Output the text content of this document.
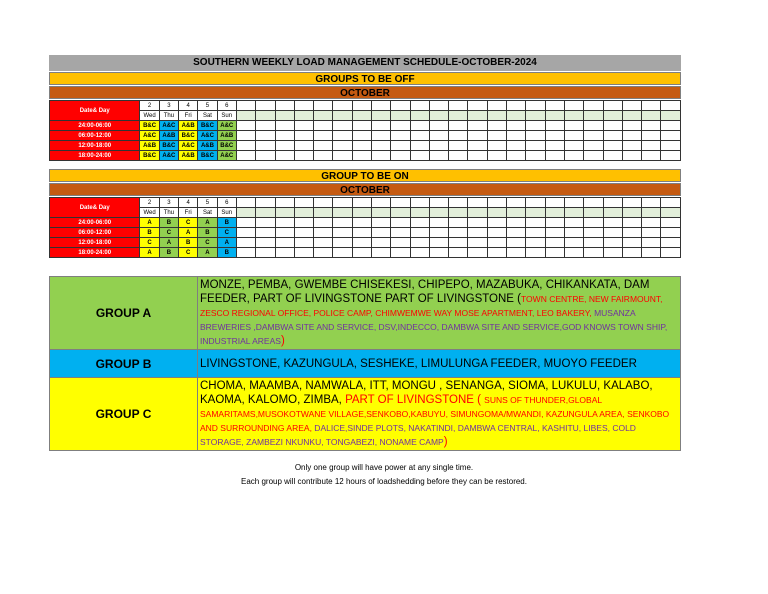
SOUTHERN WEEKLY LOAD MANAGEMENT SCHEDULE-OCTOBER-2024
GROUPS TO BE OFF
OCTOBER
Date& Day	2	3	4	5	6																							
	Wed	Thu	Fri	Sat	Sun																							
24:00-06:00	B&C	A&C	A&B	B&C	A&C																							
06:00-12:00	A&C	A&B	B&C	A&C	A&B																							
12:00-18:00	A&B	B&C	A&C	A&B	B&C																							
18:00-24:00	B&C	A&C	A&B	B&C	A&C																							
GROUP TO BE ON
OCTOBER
Date& Day	2	3	4	5	6																							
	Wed	Thu	Fri	Sat	Sun																							
24:00-06:00	A	B	C	A	B																							
06:00-12:00	B	C	A	B	C																							
12:00-18:00	C	A	B	C	A																							
18:00-24:00	A	B	C	A	B																							
GROUP A	MONZE, PEMBA, GWEMBE CHISEKESI, CHIPEPO, MAZABUKA, CHIKANKATA, DAM FEEDER, PART OF LIVINGSTONE PART OF LIVINGSTONE (TOWN CENTRE, NEW FAIRMOUNT, ZESCO REGIONAL OFFICE, POLICE CAMP, CHIMWEMWE WAY MOSE APARTMENT, LEO BAKERY, MUSANZA BREWERIES ,DAMBWA SITE AND SERVICE, DSV,INDECCO, DAMBWA SITE AND SERVICE,GOD KNOWS TOWN SHIP, INDUSTRIAL AREAS)
GROUP B	LIVINGSTONE, KAZUNGULA, SESHEKE, LIMULUNGA FEEDER, MUOYO FEEDER
GROUP C	CHOMA, MAAMBA, NAMWALA, ITT, MONGU , SENANGA, SIOMA, LUKULU, KALABO, KAOMA, KALOMO, ZIMBA, PART OF LIVINGSTONE ( SUNS OF THUNDER,GLOBAL SAMARITAMS,MUSOKOTWANE VILLAGE,SENKOBO,KABUYU, SIMUNGOMA/MWANDI, KAZUNGULA AREA, SENKOBO AND SURROUNDING AREA, DALICE,SINDE PLOTS, NAKATINDI, DAMBWA CENTRAL, KASHITU, LIBES, COLD STORAGE, ZAMBEZI NKUNKU, TONGABEZI, NONAME CAMP)
Only one group will have power at any single time.
Each group will contribute 12 hours of loadshedding before they can be restored.
